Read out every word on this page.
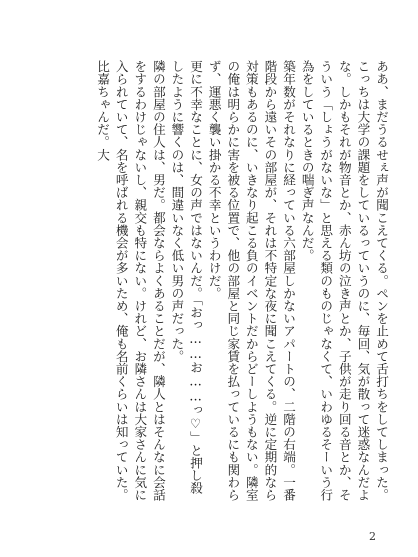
ああ、まだうるせぇ声が聞こえてくる。ペンを止めて舌打ちをしてしまった。こっちは大学の課題をしているっていうのに、毎回、気が散って迷惑なんだよな。しかもそれが物音とか、赤ん坊の泣き声とか、子供が走り回る音とか、そういう「しょうがないな」と思える類のものじゃなくて、いわゆるそーいう行為をしているときの喘ぎ声なんだ。

築年数がそれなりに経っている六部屋しかないアパートの、二階の右端。一番階段から遠いその部屋が、それは不特定な夜に聞こえてくる。逆に定期的なら対策もあるのに、いきなり起こる負のイベントだからどーしようもない。隣室の俺は明らかに害を被る位置で、他の部屋と同じ家賃を払っているにも関わらず、運悪く襲い掛かる不幸というわけだ。

更に不幸なことに、女の声ではないんだ。「おっ……お……っ♡」と押し殺したように響くのは、間違いなく低い男の声だった。

隣の部屋の住人は、男だ。都会ならよくあることだが、隣人とはそんなに会話をするわけじゃないし、親交も特にない。けれど、お隣さんは大家さんに気に入られていて、名を呼ばれる機会が多いため、俺も名前くらいは知っていた。比嘉ちゃんだ。大

2
